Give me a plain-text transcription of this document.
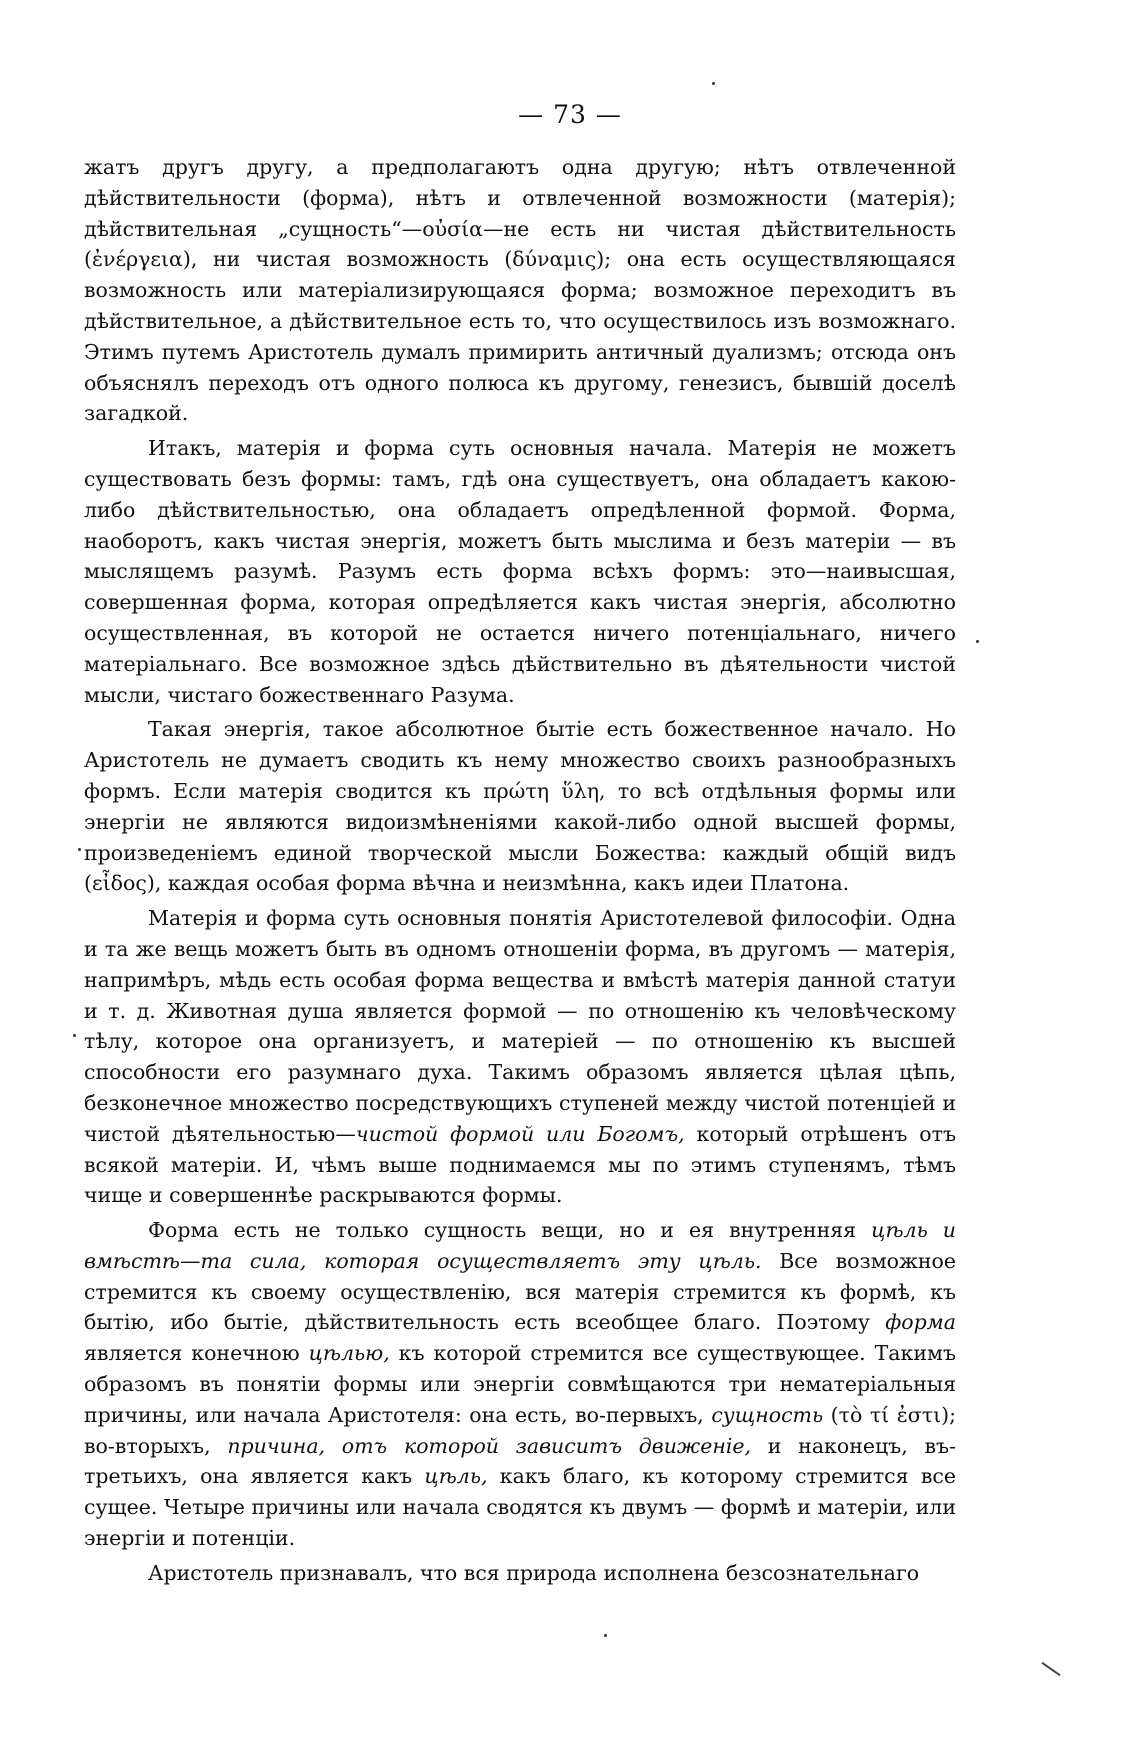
— 73 —

жатъ другъ другу, а предполагаютъ одна другую; нѣтъ отвлеченной дѣйствительности (форма), нѣтъ и отвлеченной возможности (матерія); дѣйствительная „сущность“—οὐσία—не есть ни чистая дѣйствительность (ἐνέργεια), ни чистая возможность (δύναμις); она есть осуществляющаяся возможность или матеріализирующаяся форма; возможное переходитъ въ дѣйствительное, а дѣйствительное есть то, что осуществилось изъ возможнаго. Этимъ путемъ Аристотель думалъ примирить античный дуализмъ; отсюда онъ объяснялъ переходъ отъ одного полюса къ другому, генезисъ, бывшій доселѣ загадкой.

Итакъ, матерія и форма суть основныя начала. Матерія не можетъ существовать безъ формы: тамъ, гдѣ она существуетъ, она обладаетъ какою-либо дѣйствительностью, она обладаетъ опредѣленной формой. Форма, наоборотъ, какъ чистая энергія, можетъ быть мыслима и безъ матеріи — въ мыслящемъ разумѣ. Разумъ есть форма всѣхъ формъ: это—наивысшая, совершенная форма, которая опредѣляется какъ чистая энергія, абсолютно осуществленная, въ которой не остается ничего потенціальнаго, ничего матеріальнаго. Все возможное здѣсь дѣйствительно въ дѣятельности чистой мысли, чистаго божественнаго Разума.

Такая энергія, такое абсолютное бытіе есть божественное начало. Но Аристотель не думаетъ сводить къ нему множество своихъ разнообразныхъ формъ. Если матерія сводится къ πρώτη ὕλη, то всѣ отдѣльныя формы или энергіи не являются видоизмѣненіями какой-либо одной высшей формы, произведеніемъ единой творческой мысли Божества: каждый общій видъ (εἶδος), каждая особая форма вѣчна и неизмѣнна, какъ идеи Платона.

Матерія и форма суть основныя понятія Аристотелевой философіи. Одна и та же вещь можетъ быть въ одномъ отношеніи форма, въ другомъ — матерія, напримѣръ, мѣдь есть особая форма вещества и вмѣстѣ матерія данной статуи и т. д. Животная душа является формой — по отношенію къ человѣческому тѣлу, которое она организуетъ, и матеріей — по отношенію къ высшей способности его разумнаго духа. Такимъ образомъ является цѣлая цѣпь, безконечное множество посредствующихъ ступеней между чистой потенціей и чистой дѣятельностью—чистой формой или Богомъ, который отрѣшенъ отъ всякой матеріи. И, чѣмъ выше поднимаемся мы по этимъ ступенямъ, тѣмъ чище и совершеннѣе раскрываются формы.

Форма есть не только сущность вещи, но и ея внутренняя цѣль и вмѣстѣ—та сила, которая осуществляетъ эту цѣль. Все возможное стремится къ своему осуществленію, вся матерія стремится къ формѣ, къ бытію, ибо бытіе, дѣйствительность есть всеобщее благо. Поэтому форма является конечною цѣлью, къ которой стремится все существующее. Такимъ образомъ въ понятіи формы или энергіи совмѣщаются три нематеріальныя причины, или начала Аристотеля: она есть, во-первыхъ, сущность (τὸ τί ἐστι); во-вторыхъ, причина, отъ которой зависитъ движеніе, и наконецъ, въ-третьихъ, она является какъ цѣль, какъ благо, къ которому стремится все сущее. Четыре причины или начала сводятся къ двумъ — формѣ и матеріи, или энергіи и потенціи.

Аристотель признавалъ, что вся природа исполнена безсознательнаго
